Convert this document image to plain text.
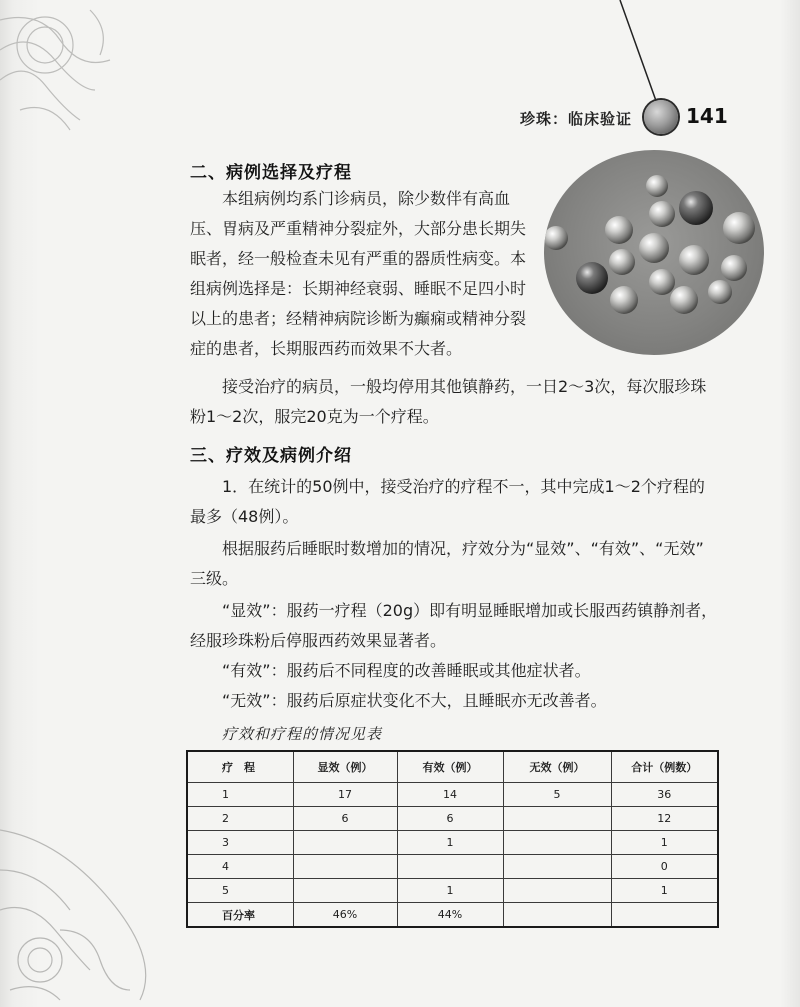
珍珠：临床验证	141
二、病例选择及疗程
本组病例均系门诊病员，除少数伴有高血
压、胃病及严重精神分裂症外，大部分患长期失
眠者，经一般检查未见有严重的器质性病变。本
组病例选择是：长期神经衰弱、睡眠不足四小时
以上的患者；经精神病院诊断为癫痫或精神分裂
症的患者，长期服西药而效果不大者。
接受治疗的病员，一般均停用其他镇静药，一日2～3次，每次服珍珠
粉1～2次，服完20克为一个疗程。
三、疗效及病例介绍
1．在统计的50例中，接受治疗的疗程不一，其中完成1～2个疗程的
最多（48例）。
根据服药后睡眠时数增加的情况，疗效分为“显效”、“有效”、“无效”
三级。
“显效”：服药一疗程（20g）即有明显睡眠增加或长服西药镇静剂者，
经服珍珠粉后停服西药效果显著者。
“有效”：服药后不同程度的改善睡眠或其他症状者。
“无效”：服药后原症状变化不大，且睡眠亦无改善者。
疗效和疗程的情况见表
疗　程	显效（例）	有效（例）	无效（例）	合计（例数）
1	17	14	5	36
2	6	6		12
3		1		1
4				0
5		1		1
百分率	46%	44%		
